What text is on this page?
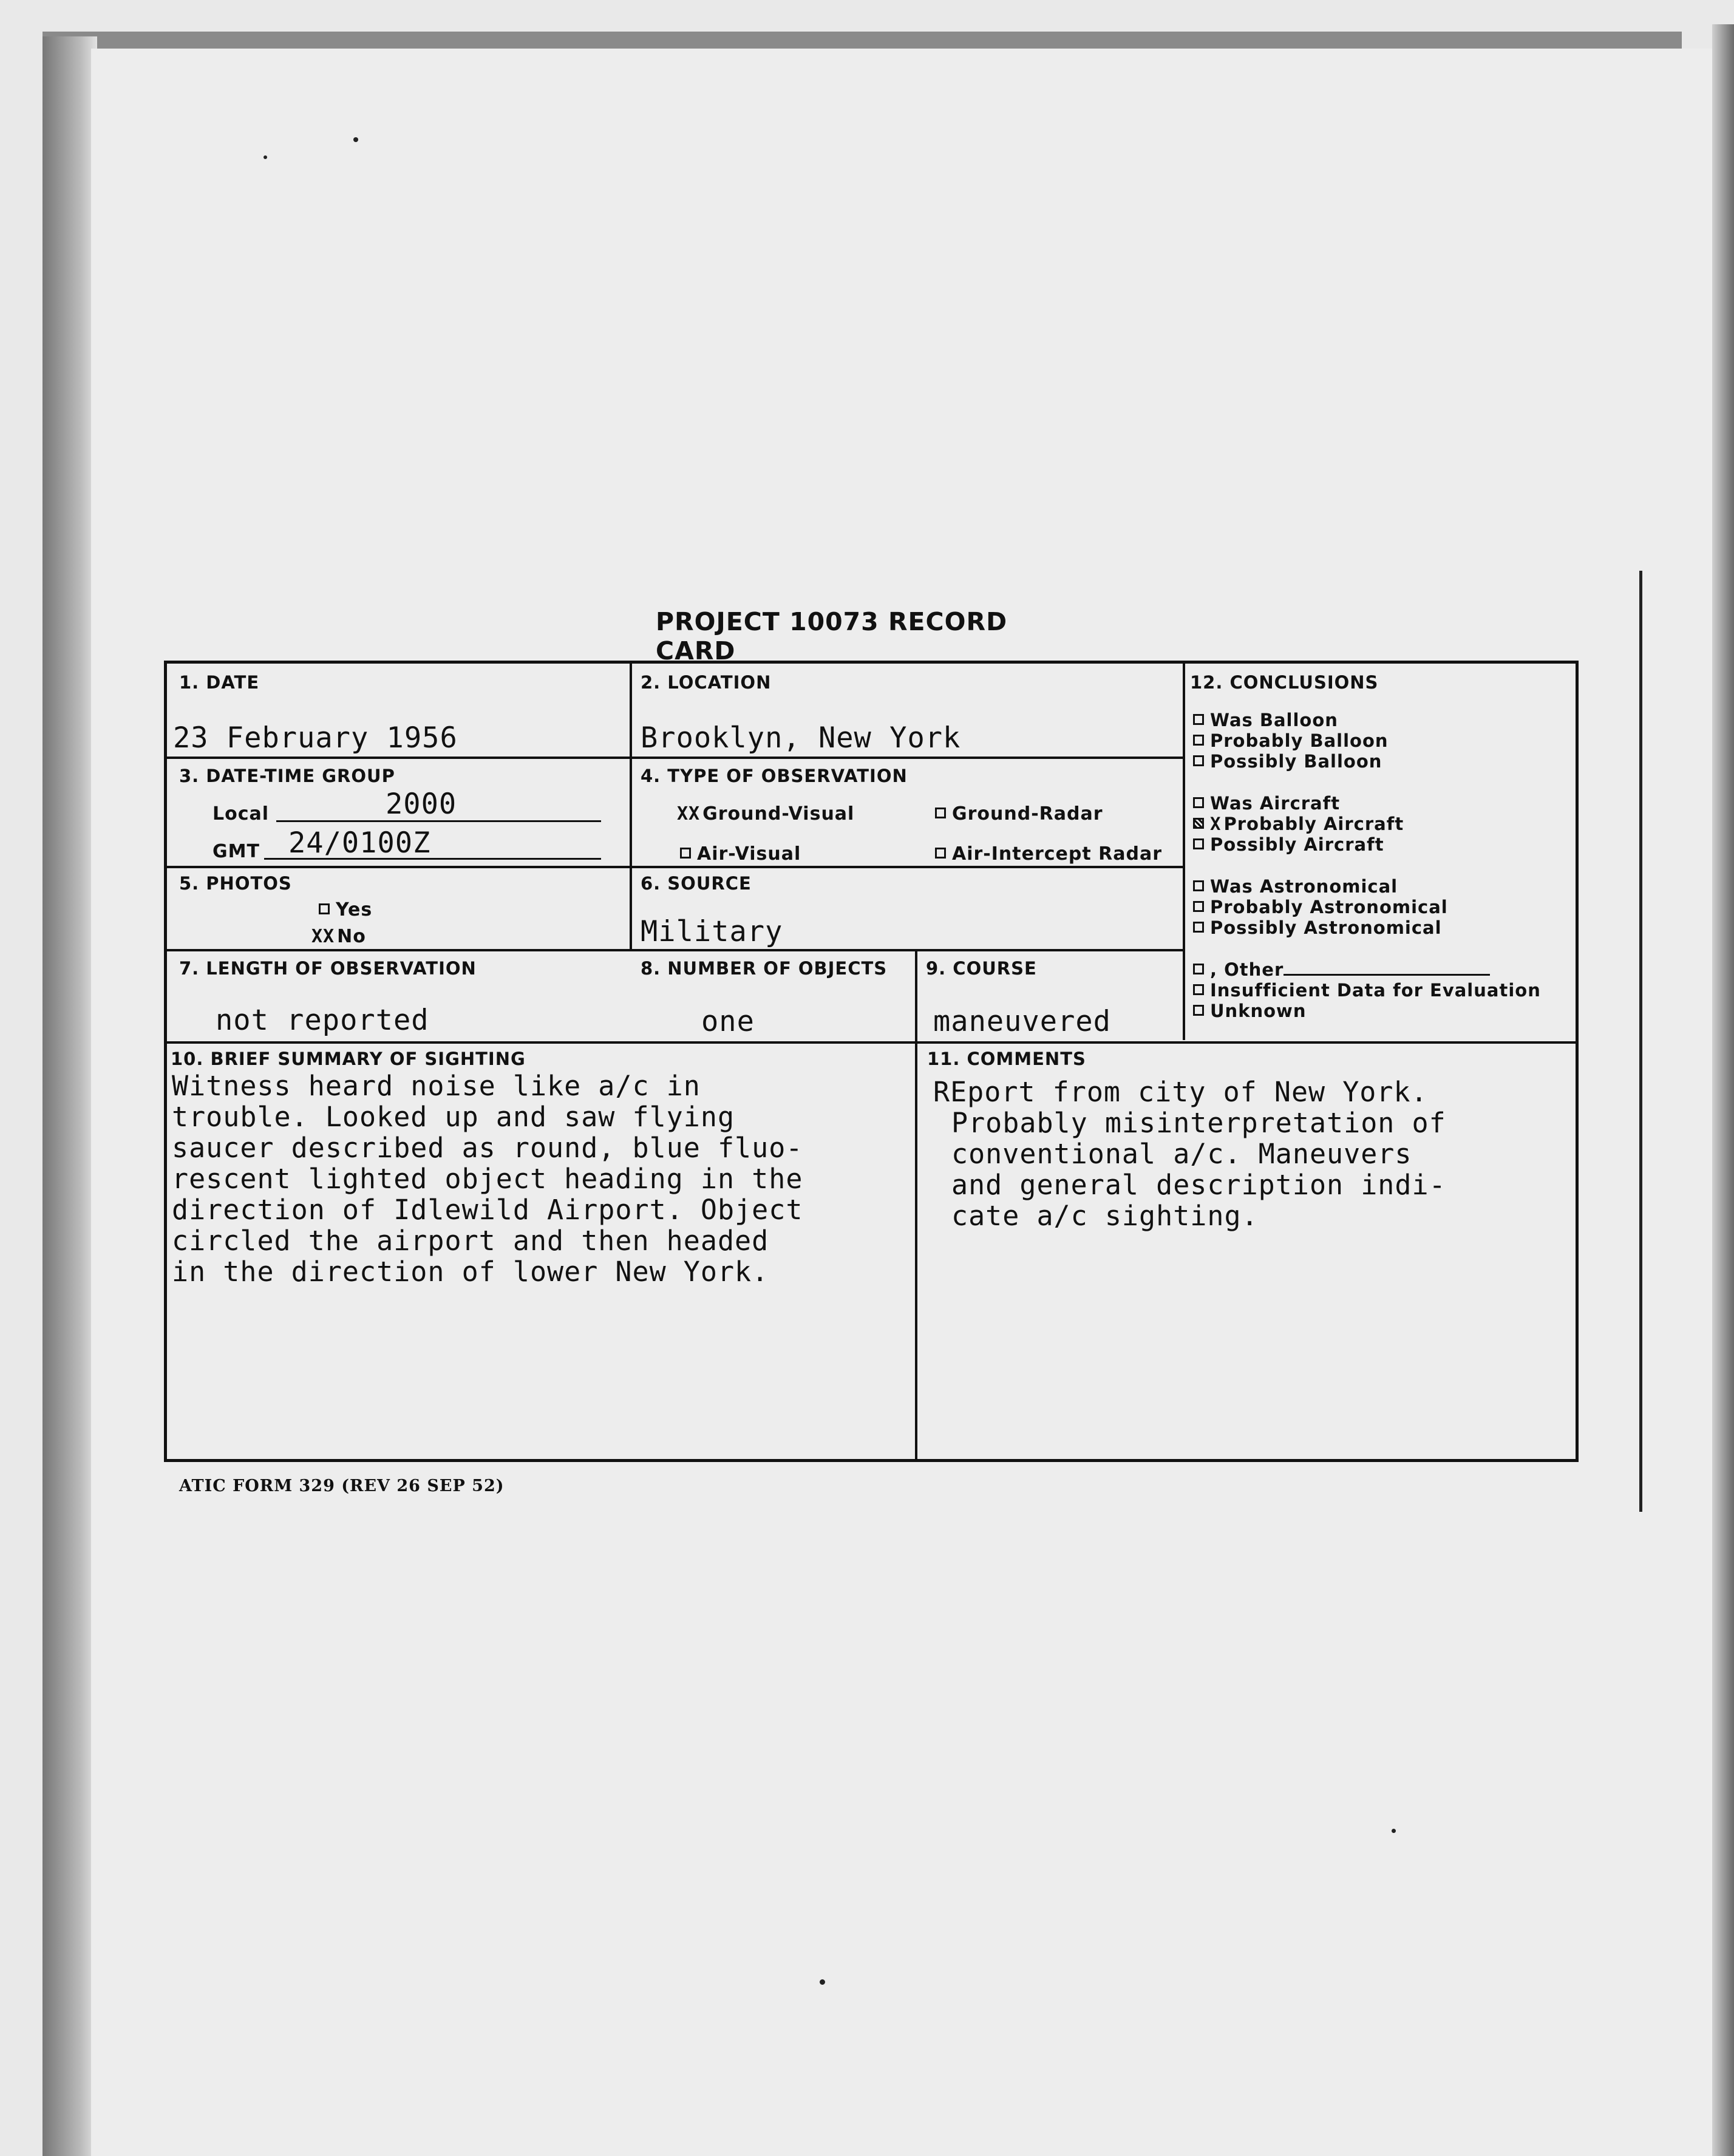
PROJECT 10073 RECORD CARD
1. DATE
23 February 1956
2. LOCATION
Brooklyn, New York
3. DATE-TIME GROUP
Local	2000
GMT 24/0100Z
4. TYPE OF OBSERVATION
XX Ground-Visual	Ground-Radar
Air-Visual	Air-Intercept Radar
5. PHOTOS
Yes
XX No
6. SOURCE
Military
7. LENGTH OF OBSERVATION
not reported
8. NUMBER OF OBJECTS
one
9. COURSE
maneuvered
12. CONCLUSIONS
Was Balloon
Probably Balloon
Possibly Balloon
Was Aircraft
X Probably Aircraft
Possibly Aircraft
Was Astronomical
Probably Astronomical
Possibly Astronomical
, Other
Insufficient Data for Evaluation
Unknown
10. BRIEF SUMMARY OF SIGHTING
Witness heard noise like a/c in
trouble. Looked up and saw flying
saucer described as round, blue fluo-
rescent lighted object heading in the
direction of Idlewild Airport. Object
circled the airport and then headed
in the direction of lower New York.
11. COMMENTS
REport from city of New York.
Probably misinterpretation of
conventional a/c. Maneuvers
and general description indi-
cate a/c sighting.
ATIC FORM 329 (REV 26 SEP 52)
